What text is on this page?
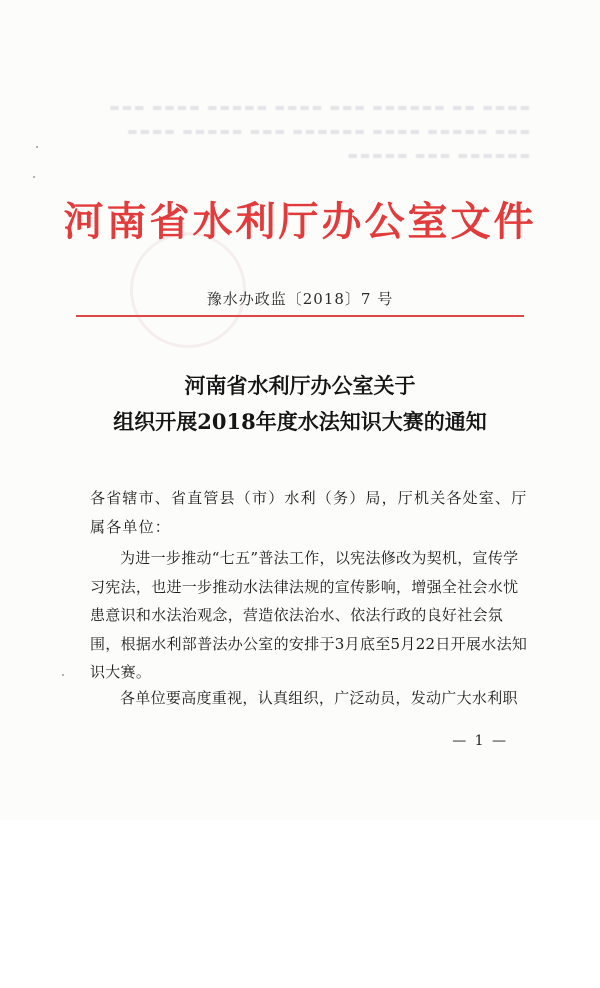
▬▬▬▬ ▬▬ ▬▬▬▬▬▬ ▬▬▬ ▬▬▬▬ ▬▬▬▬▬ ▬▬▬▬ ▬▬▬
▬▬▬ ▬▬▬▬▬ ▬▬▬▬ ▬▬▬▬▬▬ ▬▬▬ ▬▬▬▬▬ ▬▬▬▬
▬▬▬▬▬▬ ▬▬▬ ▬▬▬▬▬
河南省水利厅办公室文件
豫水办政监〔2018〕7 号
河南省水利厅办公室关于
组织开展2018年度水法知识大赛的通知
各省辖市、省直管县（市）水利（务）局，厅机关各处室、厅属各单位：
为进一步推动“七五”普法工作，以宪法修改为契机，宣传学习宪法，也进一步推动水法律法规的宣传影响，增强全社会水忧患意识和水法治观念，营造依法治水、依法行政的良好社会氛围，根据水利部普法办公室的安排于3月底至5月22日开展水法知识大赛。
各单位要高度重视，认真组织，广泛动员，发动广大水利职
— 1 —
